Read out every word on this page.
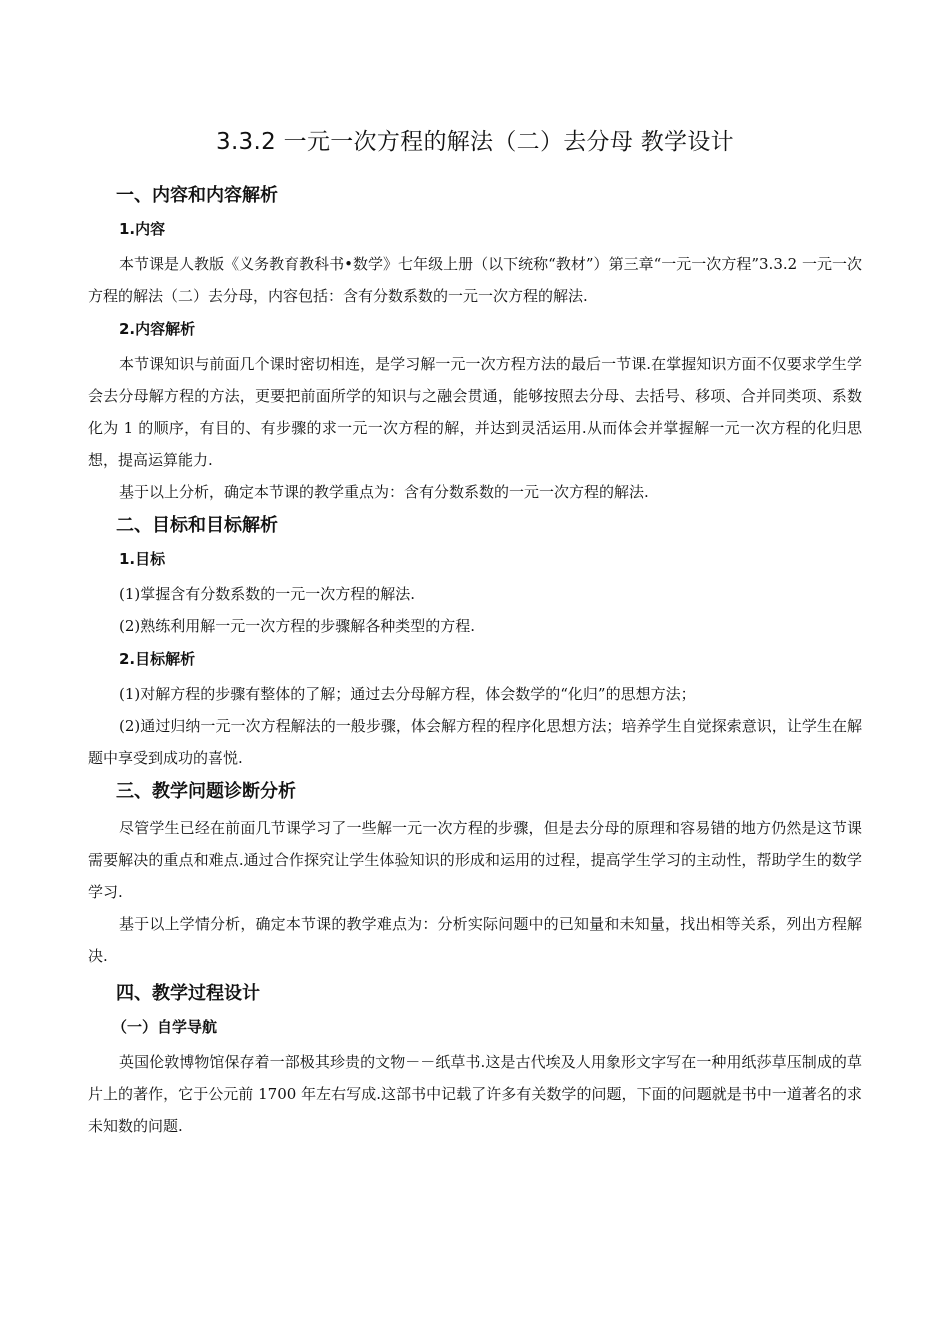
3.3.2 一元一次方程的解法（二）去分母 教学设计
一、内容和内容解析
1.内容

本节课是人教版《义务教育教科书•数学》七年级上册（以下统称“教材”）第三章“一元一次方程”3.3.2 一元一次方程的解法（二）去分母，内容包括：含有分数系数的一元一次方程的解法.

2.内容解析

本节课知识与前面几个课时密切相连，是学习解一元一次方程方法的最后一节课.在掌握知识方面不仅要求学生学会去分母解方程的方法，更要把前面所学的知识与之融会贯通，能够按照去分母、去括号、移项、合并同类项、系数化为 1 的顺序，有目的、有步骤的求一元一次方程的解，并达到灵活运用.从而体会并掌握解一元一次方程的化归思想，提高运算能力.

基于以上分析，确定本节课的教学重点为：含有分数系数的一元一次方程的解法.

二、目标和目标解析
1.目标

(1)掌握含有分数系数的一元一次方程的解法.

(2)熟练利用解一元一次方程的步骤解各种类型的方程.

2.目标解析

(1)对解方程的步骤有整体的了解；通过去分母解方程，体会数学的“化归”的思想方法；

(2)通过归纳一元一次方程解法的一般步骤，体会解方程的程序化思想方法；培养学生自觉探索意识，让学生在解题中享受到成功的喜悦.

三、教学问题诊断分析

尽管学生已经在前面几节课学习了一些解一元一次方程的步骤，但是去分母的原理和容易错的地方仍然是这节课需要解决的重点和难点.通过合作探究让学生体验知识的形成和运用的过程，提高学生学习的主动性，帮助学生的数学学习.

基于以上学情分析，确定本节课的教学难点为：分析实际问题中的已知量和未知量，找出相等关系，列出方程解决.

四、教学过程设计
（一）自学导航

英国伦敦博物馆保存着一部极其珍贵的文物－－纸草书.这是古代埃及人用象形文字写在一种用纸莎草压制成的草片上的著作，它于公元前 1700 年左右写成.这部书中记载了许多有关数学的问题，下面的问题就是书中一道著名的求未知数的问题.
